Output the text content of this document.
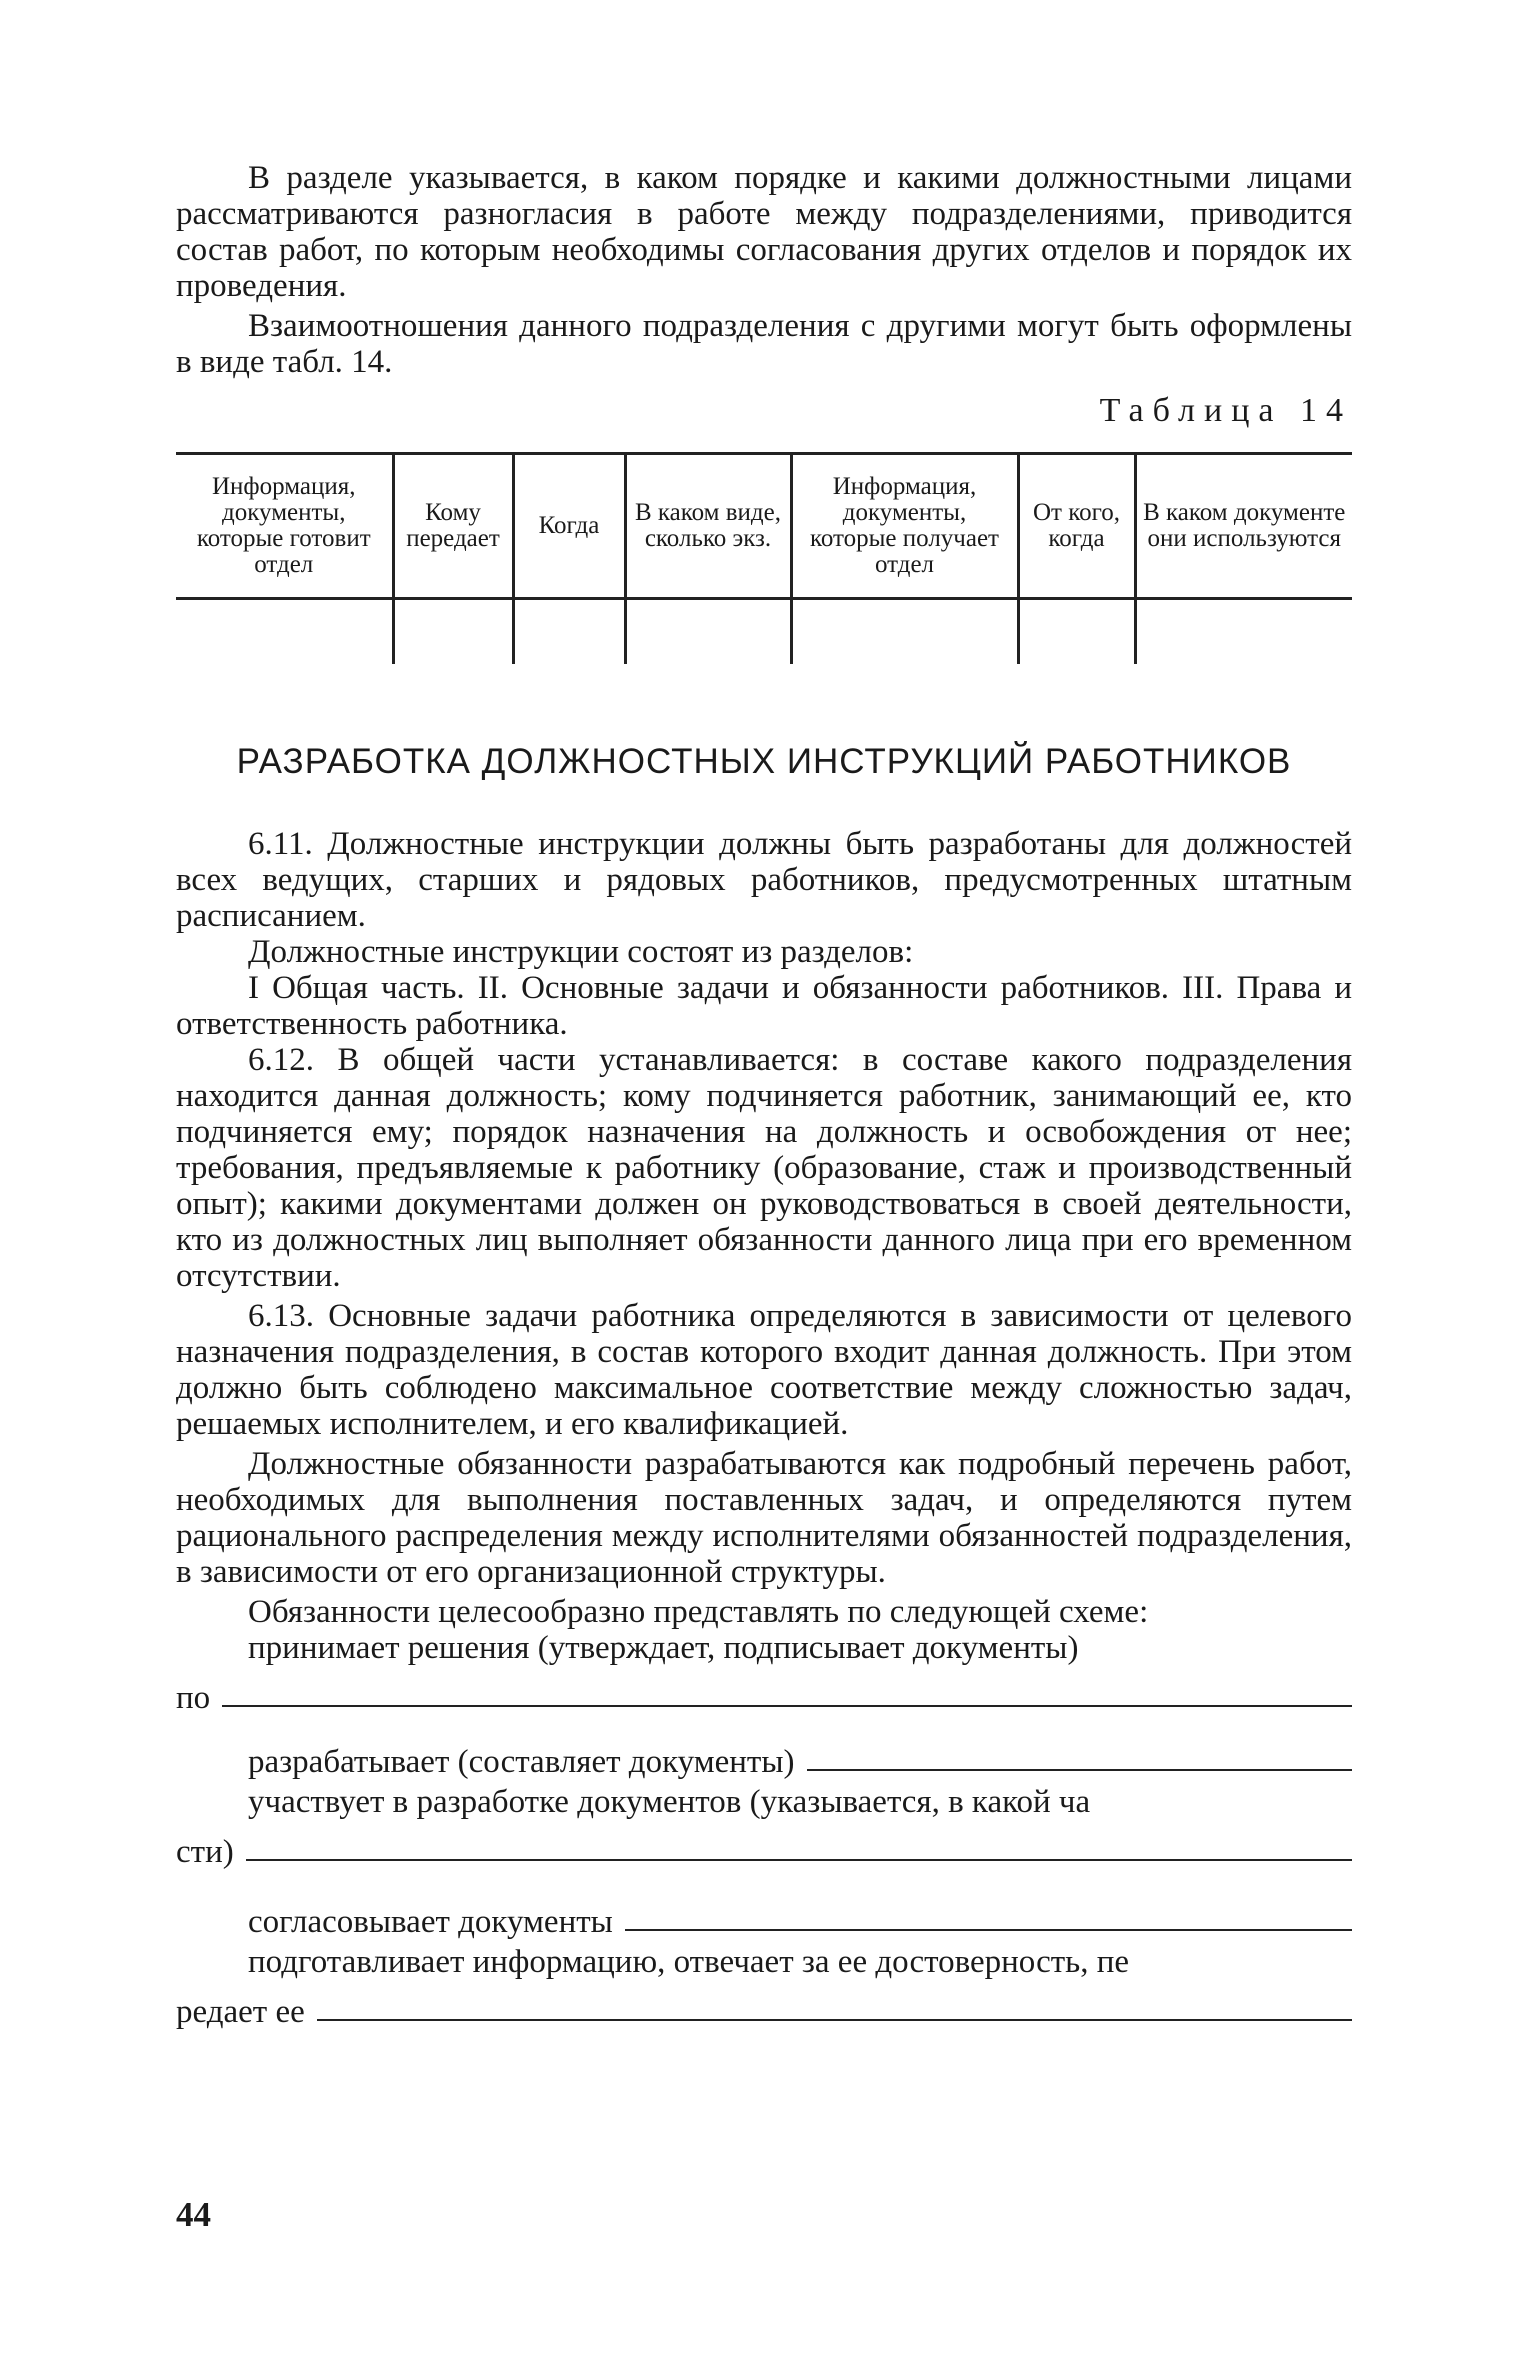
В разделе указывается, в каком порядке и какими должностными лицами рассматриваются разногласия в работе между подразделениями, приводится состав работ, по которым необходимы согласования других отделов и порядок их проведения.

Взаимоотношения данного подразделения с другими могут быть оформлены в виде табл. 14.

Таблица 14
Информация, документы, которые готовит отдел	Кому передает	Когда	В каком виде, сколько экз.	Информация, документы, которые получает отдел	От кого, когда	В каком документе они используются

РАЗРАБОТКА ДОЛЖНОСТНЫХ ИНСТРУКЦИЙ РАБОТНИКОВ

6.11. Должностные инструкции должны быть разработаны для должностей всех ведущих, старших и рядовых работников, предусмотренных штатным расписанием.

Должностные инструкции состоят из разделов:

I Общая часть. II. Основные задачи и обязанности работников. III. Права и ответственность работника.

6.12. В общей части устанавливается: в составе какого подразделения находится данная должность; кому подчиняется работник, занимающий ее, кто подчиняется ему; порядок назначения на должность и освобождения от нее; требования, предъявляемые к работнику (образование, стаж и производственный опыт); какими документами должен он руководствоваться в своей деятельности, кто из должностных лиц выполняет обязанности данного лица при его временном отсутствии.

6.13. Основные задачи работника определяются в зависимости от целевого назначения подразделения, в состав которого входит данная должность. При этом должно быть соблюдено максимальное соответствие между сложностью задач, решаемых исполнителем, и его квалификацией.

Должностные обязанности разрабатываются как подробный перечень работ, необходимых для выполнения поставленных задач, и определяются путем рационального распределения между исполнителями обязанностей подразделения, в зависимости от его организационной структуры.

Обязанности целесообразно представлять по следующей схеме:

принимает решения (утверждает, подписывает документы)

по
разрабатывает (составляет документы)

участвует в разработке документов (указывается, в какой ча

сти)
согласовывает документы

подготавливает информацию, отвечает за ее достоверность, пе

редает ее
44
